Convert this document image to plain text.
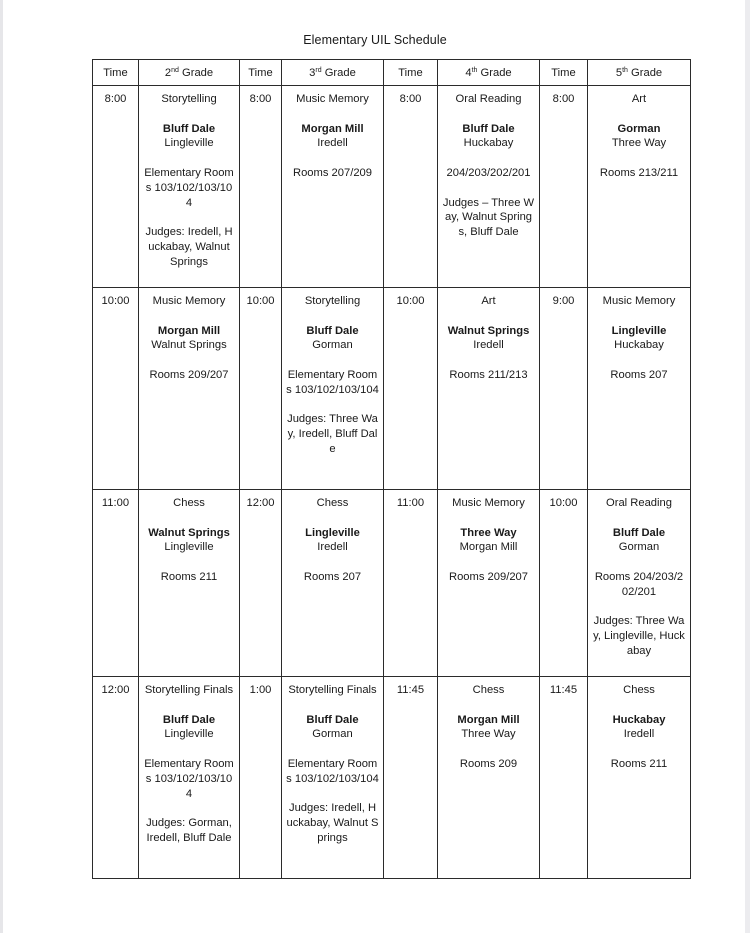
Elementary UIL Schedule
Time	2nd Grade	Time	3rd Grade	Time	4th Grade	Time	5th Grade

8:00	Storytelling
Bluff Dale
Lingleville
Elementary Rooms 103/102/103/104
Judges: Iredell, Huckabay, Walnut Springs	8:00	Music Memory
Morgan Mill
Iredell
Rooms 207/209	8:00	Oral Reading
Bluff Dale
Huckabay
204/203/202/201
Judges – Three Way, Walnut Springs, Bluff Dale	8:00	Art
Gorman
Three Way
Rooms 213/211

10:00	Music Memory
Morgan Mill
Walnut Springs
Rooms 209/207	10:00	Storytelling
Bluff Dale
Gorman
Elementary Rooms 103/102/103/104
Judges: Three Way, Iredell, Bluff Dale	10:00	Art
Walnut Springs
Iredell
Rooms 211/213	9:00	Music Memory
Lingleville
Huckabay
Rooms 207

11:00	Chess
Walnut Springs
Lingleville
Rooms 211	12:00	Chess
Lingleville
Iredell
Rooms 207	11:00	Music Memory
Three Way
Morgan Mill
Rooms 209/207	10:00	Oral Reading
Bluff Dale
Gorman
Rooms 204/203/202/201
Judges: Three Way, Lingleville, Huckabay

12:00	Storytelling Finals
Bluff Dale
Lingleville
Elementary Rooms 103/102/103/104
Judges: Gorman, Iredell, Bluff Dale	1:00	Storytelling Finals
Bluff Dale
Gorman
Elementary Rooms 103/102/103/104
Judges: Iredell, Huckabay, Walnut Springs	11:45	Chess
Morgan Mill
Three Way
Rooms 209	11:45	Chess
Huckabay
Iredell
Rooms 211
